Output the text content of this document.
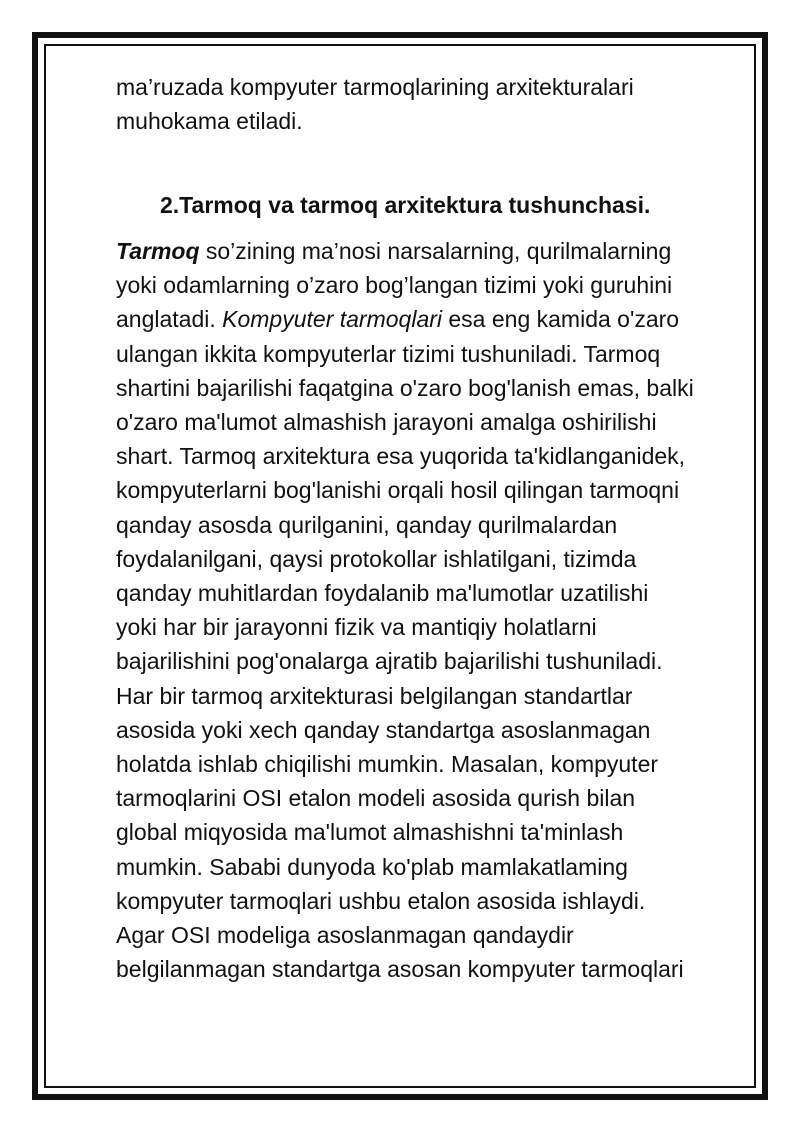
ma’ruzada kompyuter tarmoqlarining arxitekturalari
muhokama etiladi.

2.Tarmoq va tarmoq arxitektura tushunchasi.

Tarmoq so’zining ma’nosi narsalarning, qurilmalarning
yoki odamlarning o’zaro bog’langan tizimi yoki guruhini
anglatadi. Kompyuter tarmoqlari esa eng kamida o'zaro
ulangan ikkita kompyuterlar tizimi tushuniladi. Tarmoq
shartini bajarilishi faqatgina o'zaro bog'lanish emas, balki
o'zaro ma'lumot almashish jarayoni amalga oshirilishi
shart. Tarmoq arxitektura esa yuqorida ta'kidlanganidek,
kompyuterlarni bog'lanishi orqali hosil qilingan tarmoqni
qanday asosda qurilganini, qanday qurilmalardan
foydalanilgani, qaysi protokollar ishlatilgani, tizimda
qanday muhitlardan foydalanib ma'lumotlar uzatilishi
yoki har bir jarayonni fizik va mantiqiy holatlarni
bajarilishini pog'onalarga ajratib bajarilishi tushuniladi.
Har bir tarmoq arxitekturasi belgilangan standartlar
asosida yoki xech qanday standartga asoslanmagan
holatda ishlab chiqilishi mumkin. Masalan, kompyuter
tarmoqlarini OSI etalon modeli asosida qurish bilan
global miqyosida ma'lumot almashishni ta'minlash
mumkin. Sababi dunyoda ko'plab mamlakatlaming
kompyuter tarmoqlari ushbu etalon asosida ishlaydi.
Agar OSI modeliga asoslanmagan qandaydir
belgilanmagan standartga asosan kompyuter tarmoqlari
